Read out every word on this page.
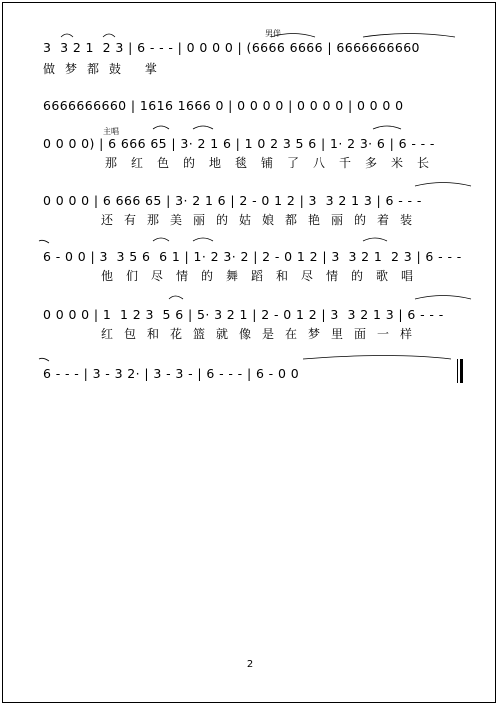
3  3 2 1  2 3 | 6 - - - | 0 0 0 0 | (6666 6666 | 6666666660
做梦都鼓 掌
男伴
6666666660 | 1616 1666 0 | 0 0 0 0 | 0 0 0 0 | 0 0 0 0
主唱
0 0 0 0) | 6 666 65 | 3· 2 1 6 | 1 0 2 3 5 6 | 1· 2 3· 6 | 6 - - -
那红色的地毯铺了八千多米长
0 0 0 0 | 6 666 65 | 3· 2 1 6 | 2 - 0 1 2 | 3  3 2 1 3 | 6 - - -
还有那美丽的姑娘都艳丽的着装
6 - 0 0 | 3  3 5 6  6 1 | 1· 2 3· 2 | 2 - 0 1 2 | 3  3 2 1  2 3 | 6 - - -
他们尽情的舞蹈和尽情的歌唱
0 0 0 0 | 1  1 2 3  5 6 | 5· 3 2 1 | 2 - 0 1 2 | 3  3 2 1 3 | 6 - - -
红包和花篮就像是在梦里面一样
6 - - - | 3 - 3 2· | 3 - 3 - | 6 - - - | 6 - 0 0
2
